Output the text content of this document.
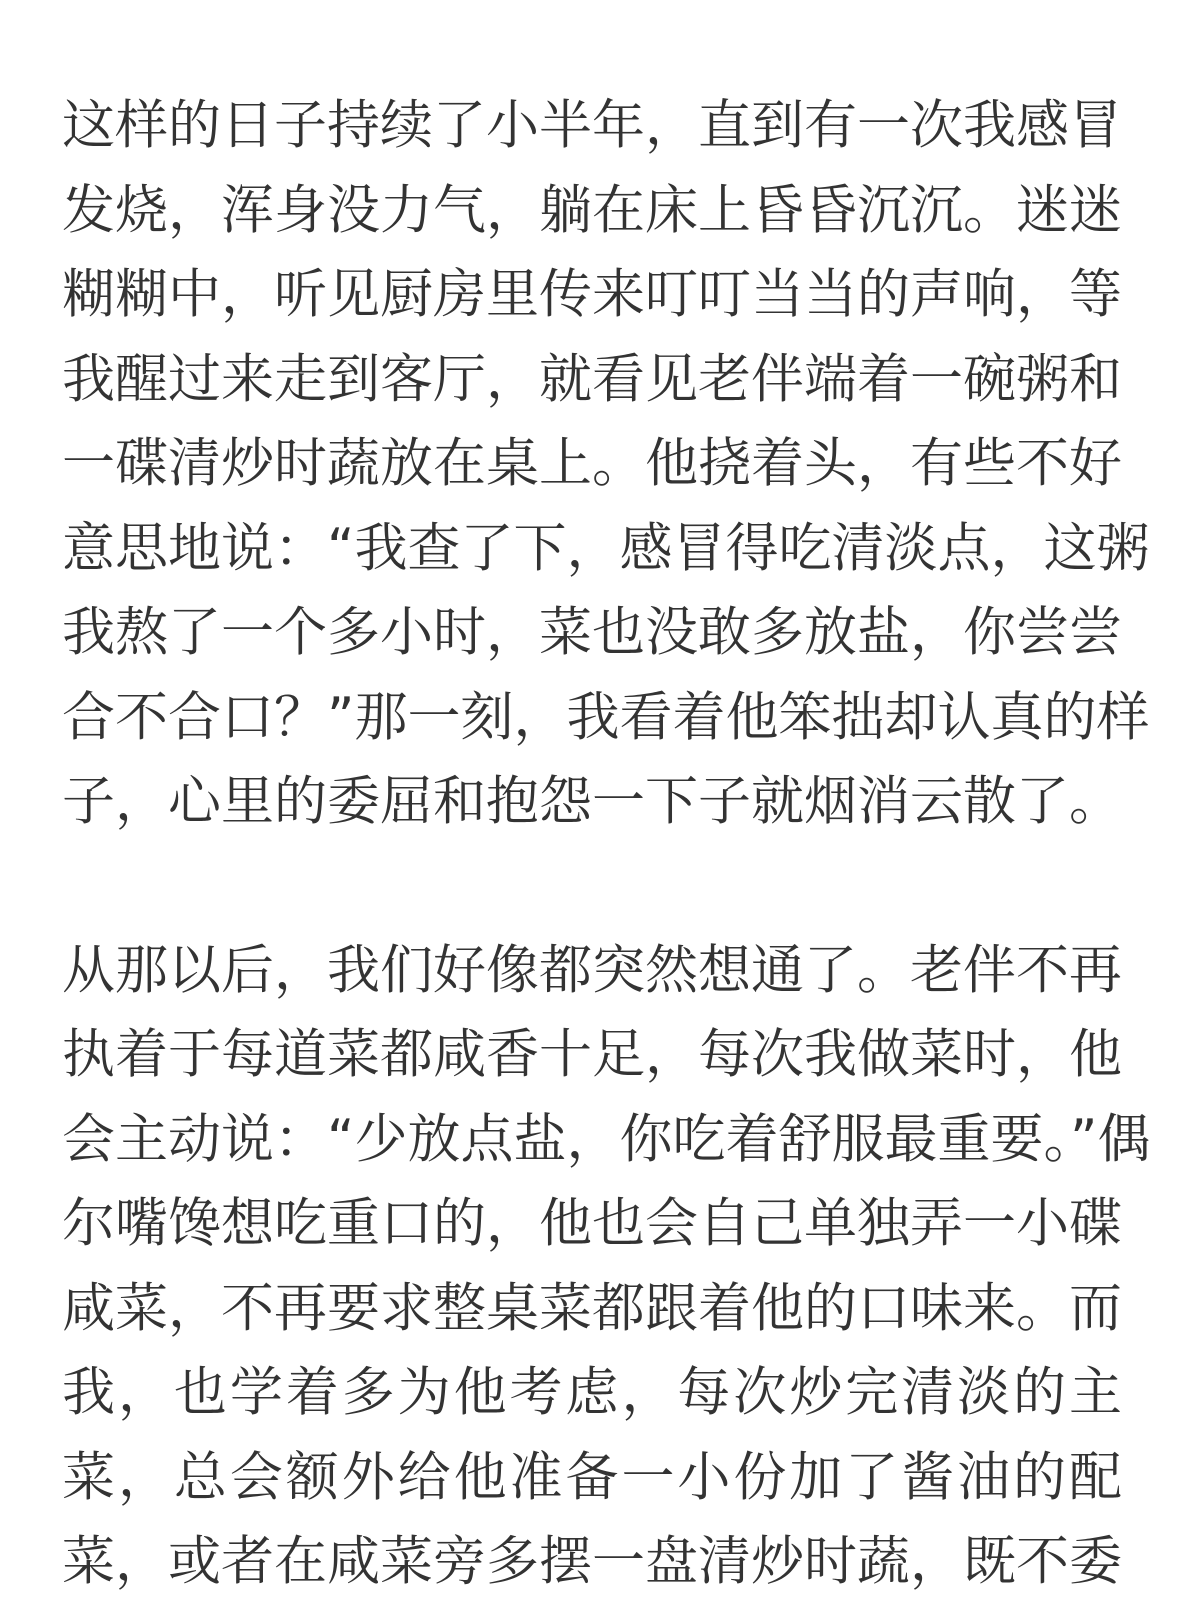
这样的日子持续了小半年，直到有一次我感冒
发烧，浑身没力气，躺在床上昏昏沉沉。迷迷
糊糊中，听见厨房里传来叮叮当当的声响，等
我醒过来走到客厅，就看见老伴端着一碗粥和
一碟清炒时蔬放在桌上。他挠着头，有些不好
意思地说：“我查了下，感冒得吃清淡点，这粥
我熬了一个多小时，菜也没敢多放盐，你尝尝
合不合口？”那一刻，我看着他笨拙却认真的样
子，心里的委屈和抱怨一下子就烟消云散了。
从那以后，我们好像都突然想通了。老伴不再
执着于每道菜都咸香十足，每次我做菜时，他
会主动说：“少放点盐，你吃着舒服最重要。”偶
尔嘴馋想吃重口的，他也会自己单独弄一小碟
咸菜，不再要求整桌菜都跟着他的口味来。而
我，也学着多为他考虑，每次炒完清淡的主
菜，总会额外给他准备一小份加了酱油的配
菜，或者在咸菜旁多摆一盘清炒时蔬，既不委
